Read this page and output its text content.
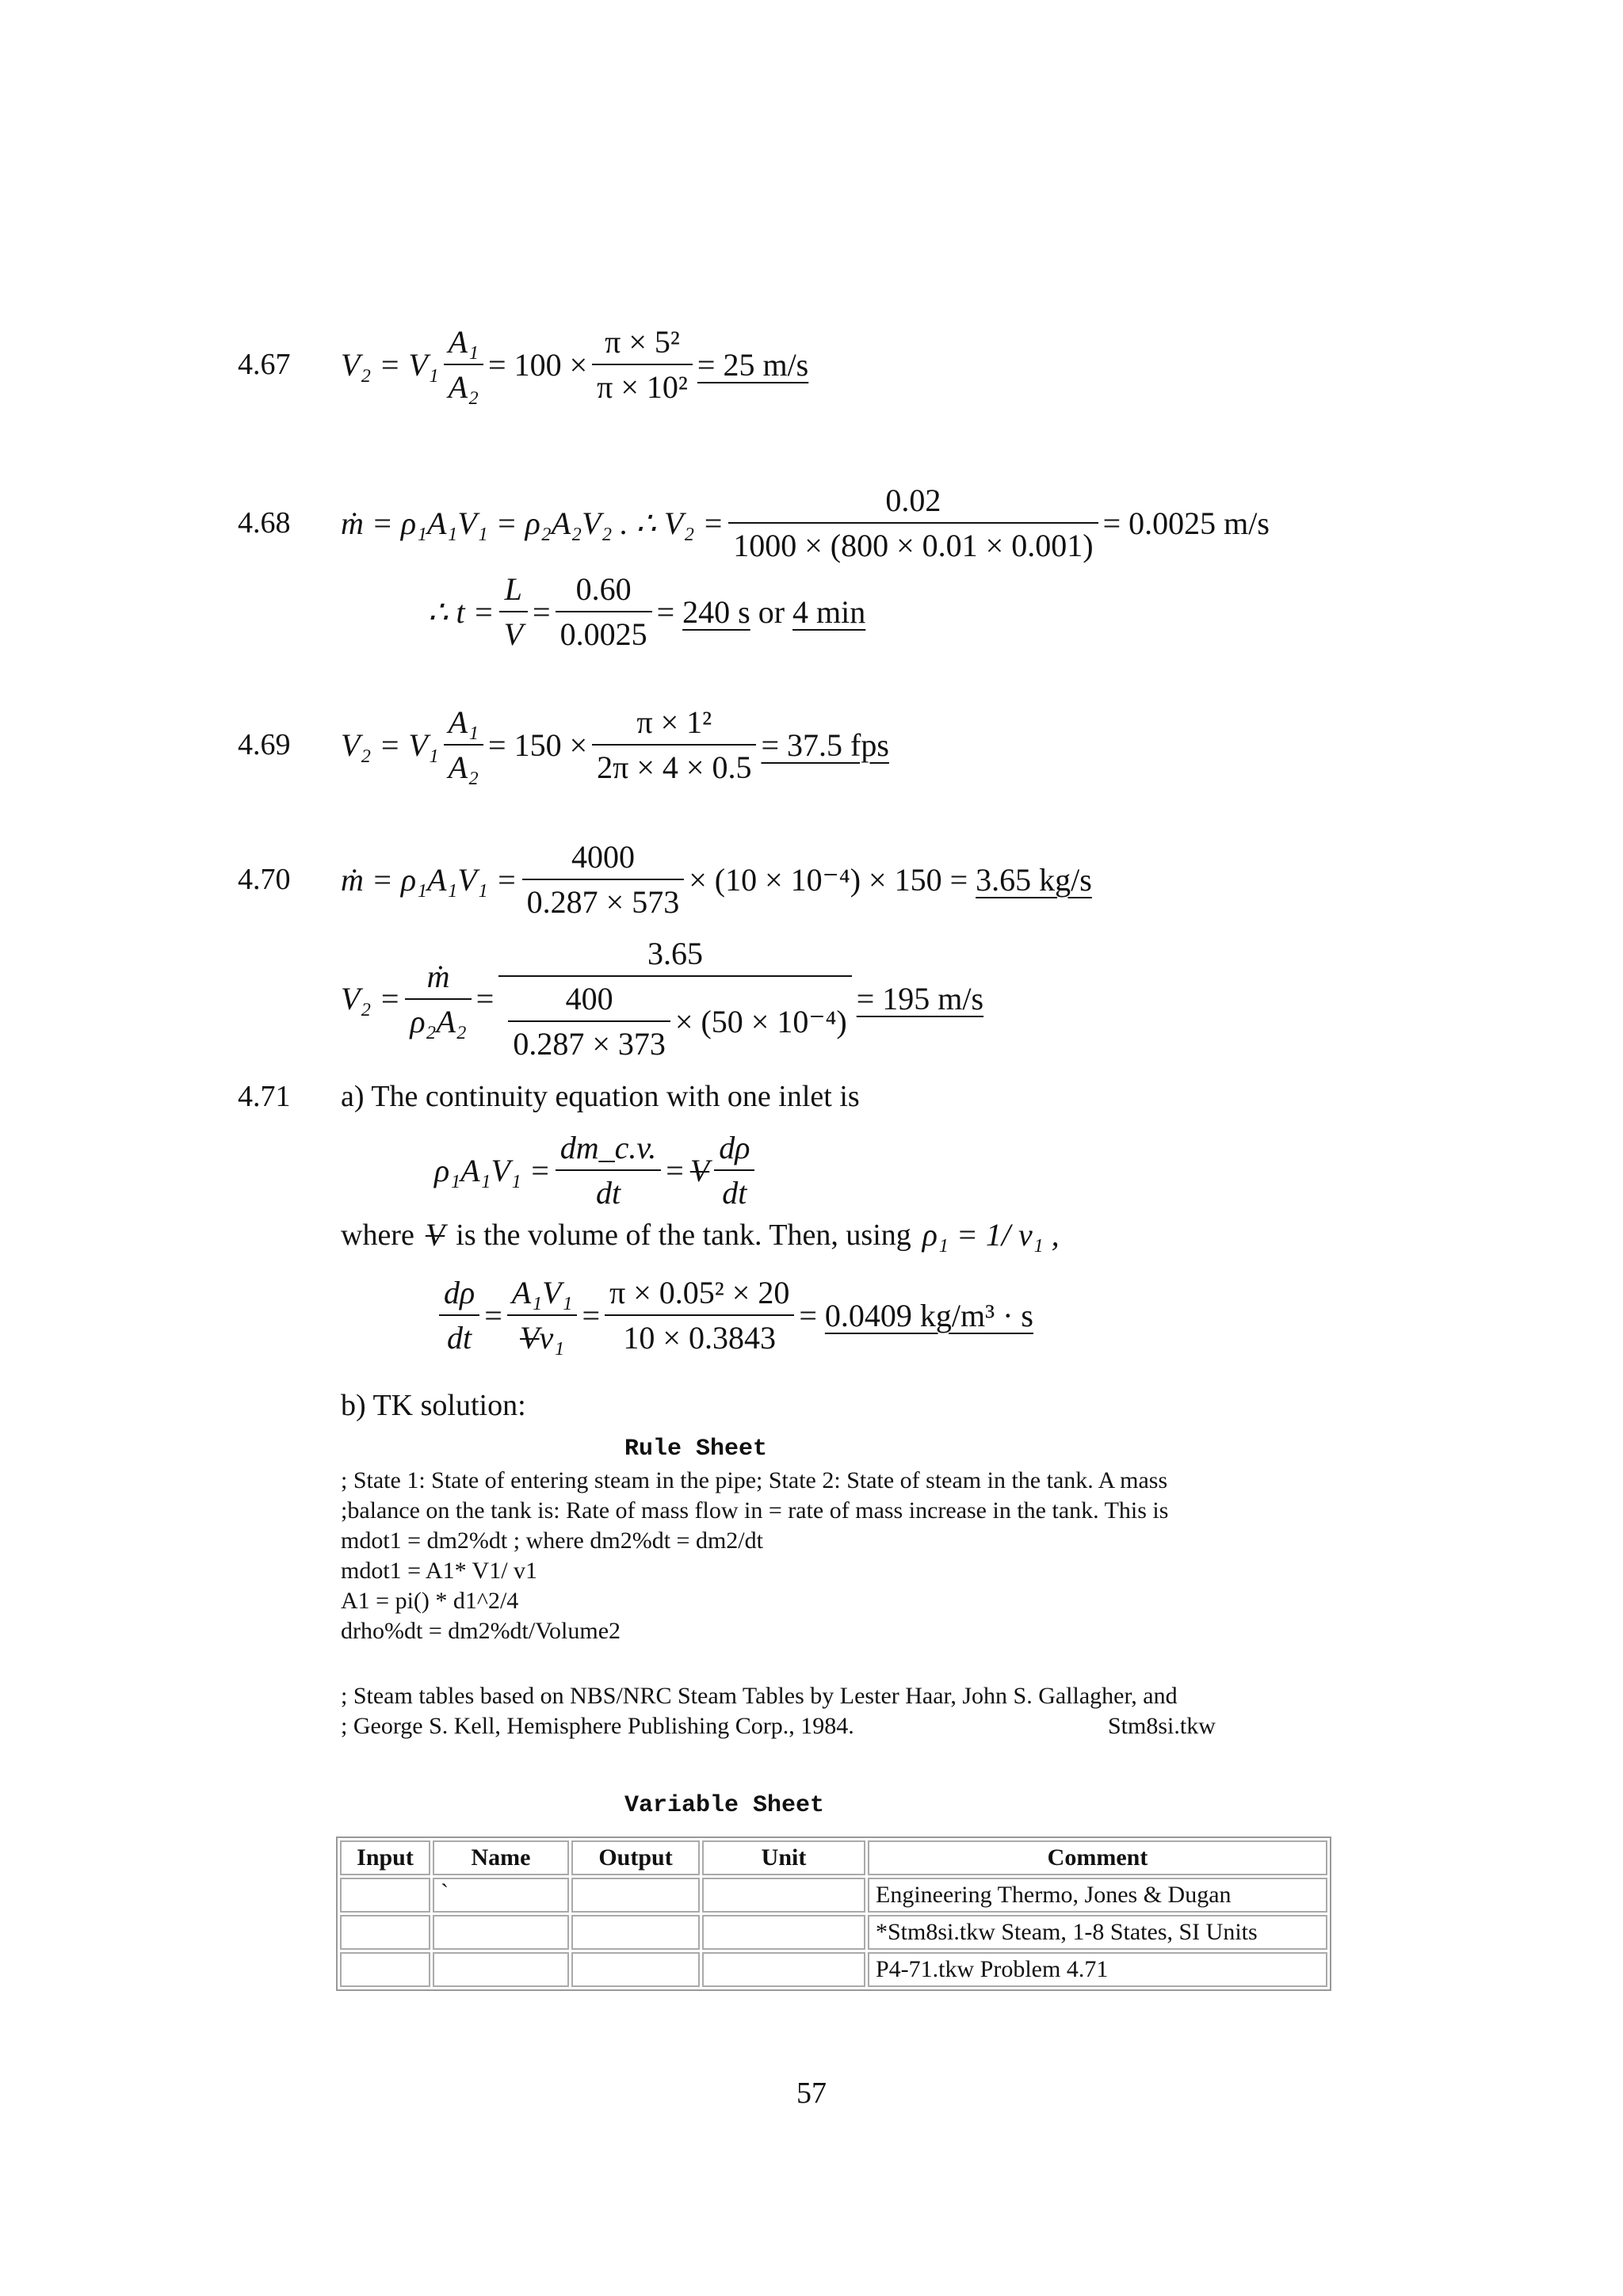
4.67	$V_2 = V_1 \frac{\text{A₁}}{\text{A₂}} = 100 \times \frac{\text{π × 5²}}{\text{π × 10²}} = 25$ m/s
4.68	ṁ = ρ₁A₁V₁ = ρ₂A₂V₂ . ∴ $V_2 = \frac{0.02}{1000 \times (800 \times 0.01 \times 0.001)} = 0.0025$ m/s
∴ $t = \frac{L}{V} = \frac{0.60}{0.0025} = 240$ s or 4 min
4.69	$V_2 = V_1 \frac{\text{A₁}}{\text{A₂}} = 150 \times \frac{\text{π × 1²}}{2\pi \times 4 \times 0.5} = 37.5$ fps
4.70	ṁ = $\rho_1A_1V_1 = \frac{4000}{0.287 \times 573} \times (10 \times 10^{-4}) \times 150 = 3.65$ kg/s
$V_2 = \frac{\text{ṁ}}{\text{ρ₂A₂}} = \frac{3.65}{\frac{400}{0.287 \times 373} \times (50 \times 10^{-4})} = 195$ m/s
4.71	a) The continuity equation with one inlet is
$\rho_1A_1V_1 = \frac{dm\_c.v.}{dt} = V \frac{d\rho}{dt}$
where V is the volume of the tank. Then, using ρ₁ = 1/ v₁ ,
$\frac{d\rho}{dt} = \frac{\text{A₁V₁}}{\text{Vv₁}} = \frac{\text{π × 0.05² × 20}}{10 \times 0.3843} = 0.0409$ kg/m³ · s
b) TK solution:
Rule Sheet
; State 1: State of entering steam in the pipe; State 2: State of steam in the tank. A mass
;balance on the tank is: Rate of mass flow in = rate of mass increase in the tank. This is
mdot1 = dm2%dt ; where dm2%dt = dm2/dt
mdot1 = A1* V1/ v1
A1 = pi() * d1^2/4
drho%dt = dm2%dt/Volume2
; Steam tables based on NBS/NRC Steam Tables by Lester Haar, John S. Gallagher, and
; George S. Kell, Hemisphere Publishing Corp., 1984.	Stm8si.tkw
Variable Sheet
Input	Name	Output	Unit	Comment
	`			Engineering Thermo, Jones & Dugan
				*Stm8si.tkw Steam, 1-8 States, SI Units
				P4-71.tkw Problem 4.71
57
